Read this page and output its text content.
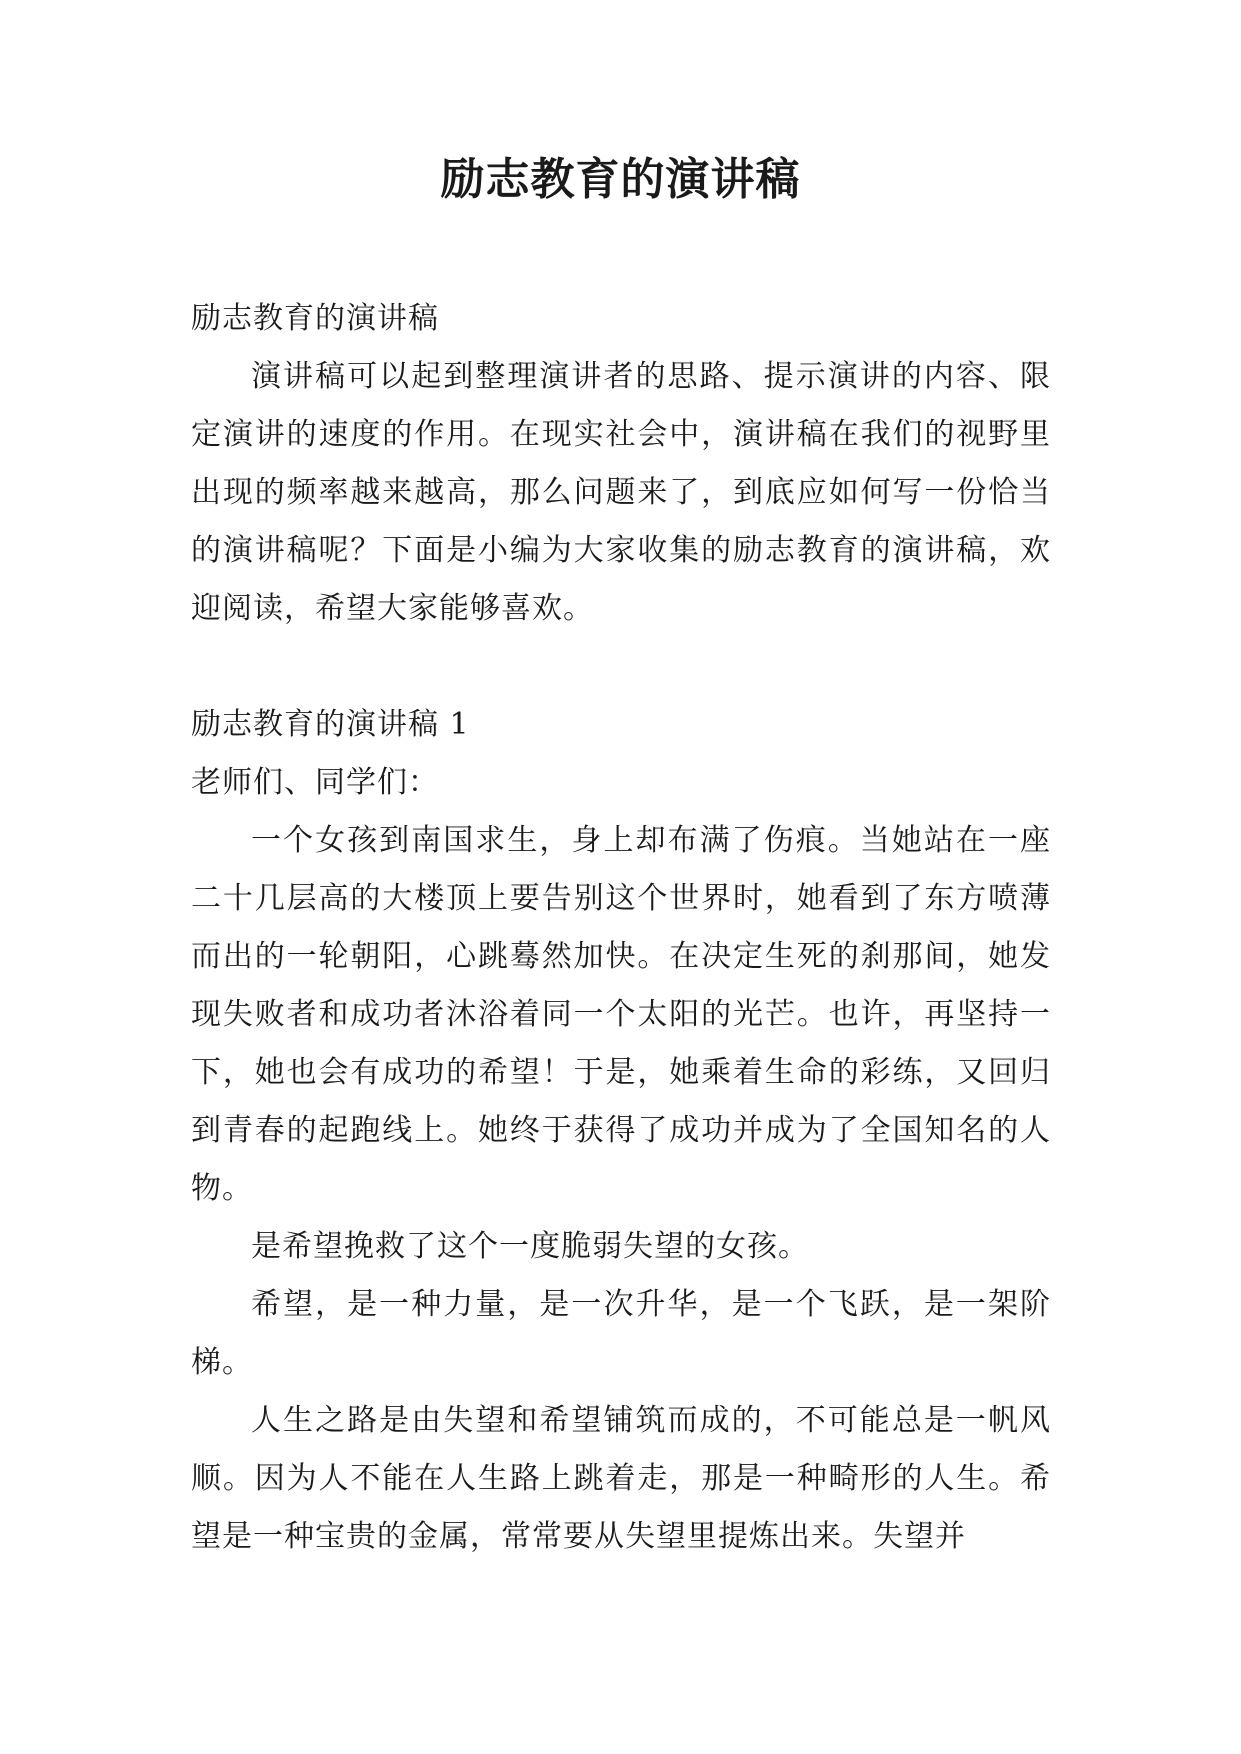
励志教育的演讲稿

励志教育的演讲稿

演讲稿可以起到整理演讲者的思路、提示演讲的内容、限定演讲的速度的作用。在现实社会中，演讲稿在我们的视野里出现的频率越来越高，那么问题来了，到底应如何写一份恰当的演讲稿呢？下面是小编为大家收集的励志教育的演讲稿，欢迎阅读，希望大家能够喜欢。

励志教育的演讲稿 1

老师们、同学们：

一个女孩到南国求生，身上却布满了伤痕。当她站在一座二十几层高的大楼顶上要告别这个世界时，她看到了东方喷薄而出的一轮朝阳，心跳蓦然加快。在决定生死的刹那间，她发现失败者和成功者沐浴着同一个太阳的光芒。也许，再坚持一下，她也会有成功的希望！于是，她乘着生命的彩练，又回归到青春的起跑线上。她终于获得了成功并成为了全国知名的人物。

是希望挽救了这个一度脆弱失望的女孩。

希望，是一种力量，是一次升华，是一个飞跃，是一架阶梯。

人生之路是由失望和希望铺筑而成的，不可能总是一帆风顺。因为人不能在人生路上跳着走，那是一种畸形的人生。希望是一种宝贵的金属，常常要从失望里提炼出来。失望并
